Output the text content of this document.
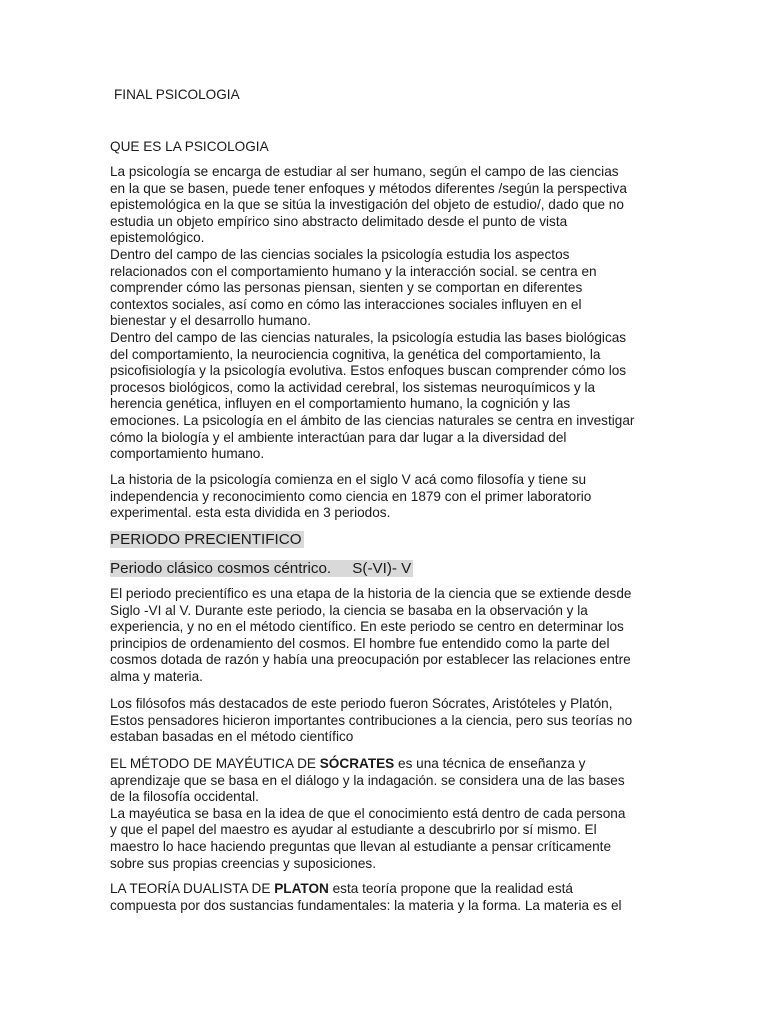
FINAL PSICOLOGIA
QUE ES LA PSICOLOGIA
La psicología se encarga de estudiar al ser humano, según el campo de las ciencias
en la que se basen, puede tener enfoques y métodos diferentes /según la perspectiva
epistemológica en la que se sitúa la investigación del objeto de estudio/, dado que no
estudia un objeto empírico sino abstracto delimitado desde el punto de vista
epistemológico.
Dentro del campo de las ciencias sociales la psicología estudia los aspectos
relacionados con el comportamiento humano y la interacción social. se centra en
comprender cómo las personas piensan, sienten y se comportan en diferentes
contextos sociales, así como en cómo las interacciones sociales influyen en el
bienestar y el desarrollo humano.
Dentro del campo de las ciencias naturales, la psicología estudia las bases biológicas
del comportamiento, la neurociencia cognitiva, la genética del comportamiento, la
psicofisiología y la psicología evolutiva. Estos enfoques buscan comprender cómo los
procesos biológicos, como la actividad cerebral, los sistemas neuroquímicos y la
herencia genética, influyen en el comportamiento humano, la cognición y las
emociones. La psicología en el ámbito de las ciencias naturales se centra en investigar
cómo la biología y el ambiente interactúan para dar lugar a la diversidad del
comportamiento humano.
La historia de la psicología comienza en el siglo V acá como filosofía y tiene su
independencia y reconocimiento como ciencia en 1879 con el primer laboratorio
experimental. esta esta dividida en 3 periodos.
PERIODO PRECIENTIFICO
Periodo clásico cosmos céntrico.     S(-VI)- V
El periodo precientífico es una etapa de la historia de la ciencia que se extiende desde
Siglo -VI al V. Durante este periodo, la ciencia se basaba en la observación y la
experiencia, y no en el método científico. En este periodo se centro en determinar los
principios de ordenamiento del cosmos. El hombre fue entendido como la parte del
cosmos dotada de razón y había una preocupación por establecer las relaciones entre
alma y materia.
Los filósofos más destacados de este periodo fueron Sócrates, Aristóteles y Platón,
Estos pensadores hicieron importantes contribuciones a la ciencia, pero sus teorías no
estaban basadas en el método científico
EL MÉTODO DE MAYÉUTICA DE SÓCRATES es una técnica de enseñanza y
aprendizaje que se basa en el diálogo y la indagación. se considera una de las bases
de la filosofía occidental.
La mayéutica se basa en la idea de que el conocimiento está dentro de cada persona
y que el papel del maestro es ayudar al estudiante a descubrirlo por sí mismo. El
maestro lo hace haciendo preguntas que llevan al estudiante a pensar críticamente
sobre sus propias creencias y suposiciones.
LA TEORÍA DUALISTA DE PLATON esta teoría propone que la realidad está
compuesta por dos sustancias fundamentales: la materia y la forma. La materia es el
